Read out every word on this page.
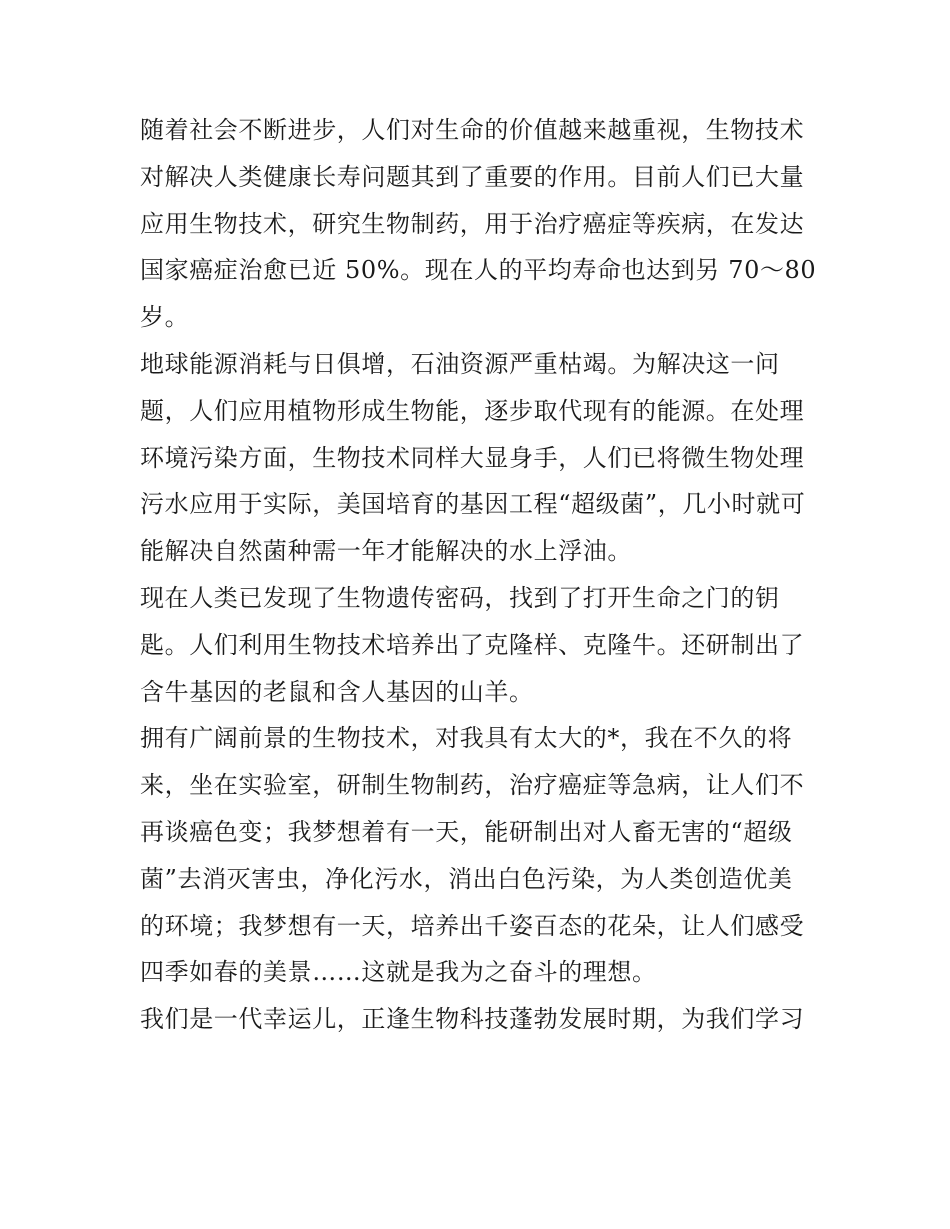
随着社会不断进步，人们对生命的价值越来越重视，生物技术
对解决人类健康长寿问题其到了重要的作用。目前人们已大量
应用生物技术，研究生物制药，用于治疗癌症等疾病，在发达
国家癌症治愈已近 50%。现在人的平均寿命也达到另 70～80
岁。
地球能源消耗与日俱增，石油资源严重枯竭。为解决这一问
题，人们应用植物形成生物能，逐步取代现有的能源。在处理
环境污染方面，生物技术同样大显身手，人们已将微生物处理
污水应用于实际，美国培育的基因工程“超级菌”，几小时就可
能解决自然菌种需一年才能解决的水上浮油。
现在人类已发现了生物遗传密码，找到了打开生命之门的钥
匙。人们利用生物技术培养出了克隆样、克隆牛。还研制出了
含牛基因的老鼠和含人基因的山羊。
拥有广阔前景的生物技术，对我具有太大的*，我在不久的将
来，坐在实验室，研制生物制药，治疗癌症等急病，让人们不
再谈癌色变；我梦想着有一天，能研制出对人畜无害的“超级
菌”去消灭害虫，净化污水，消出白色污染，为人类创造优美
的环境；我梦想有一天，培养出千姿百态的花朵，让人们感受
四季如春的美景……这就是我为之奋斗的理想。
我们是一代幸运儿，正逢生物科技蓬勃发展时期，为我们学习
